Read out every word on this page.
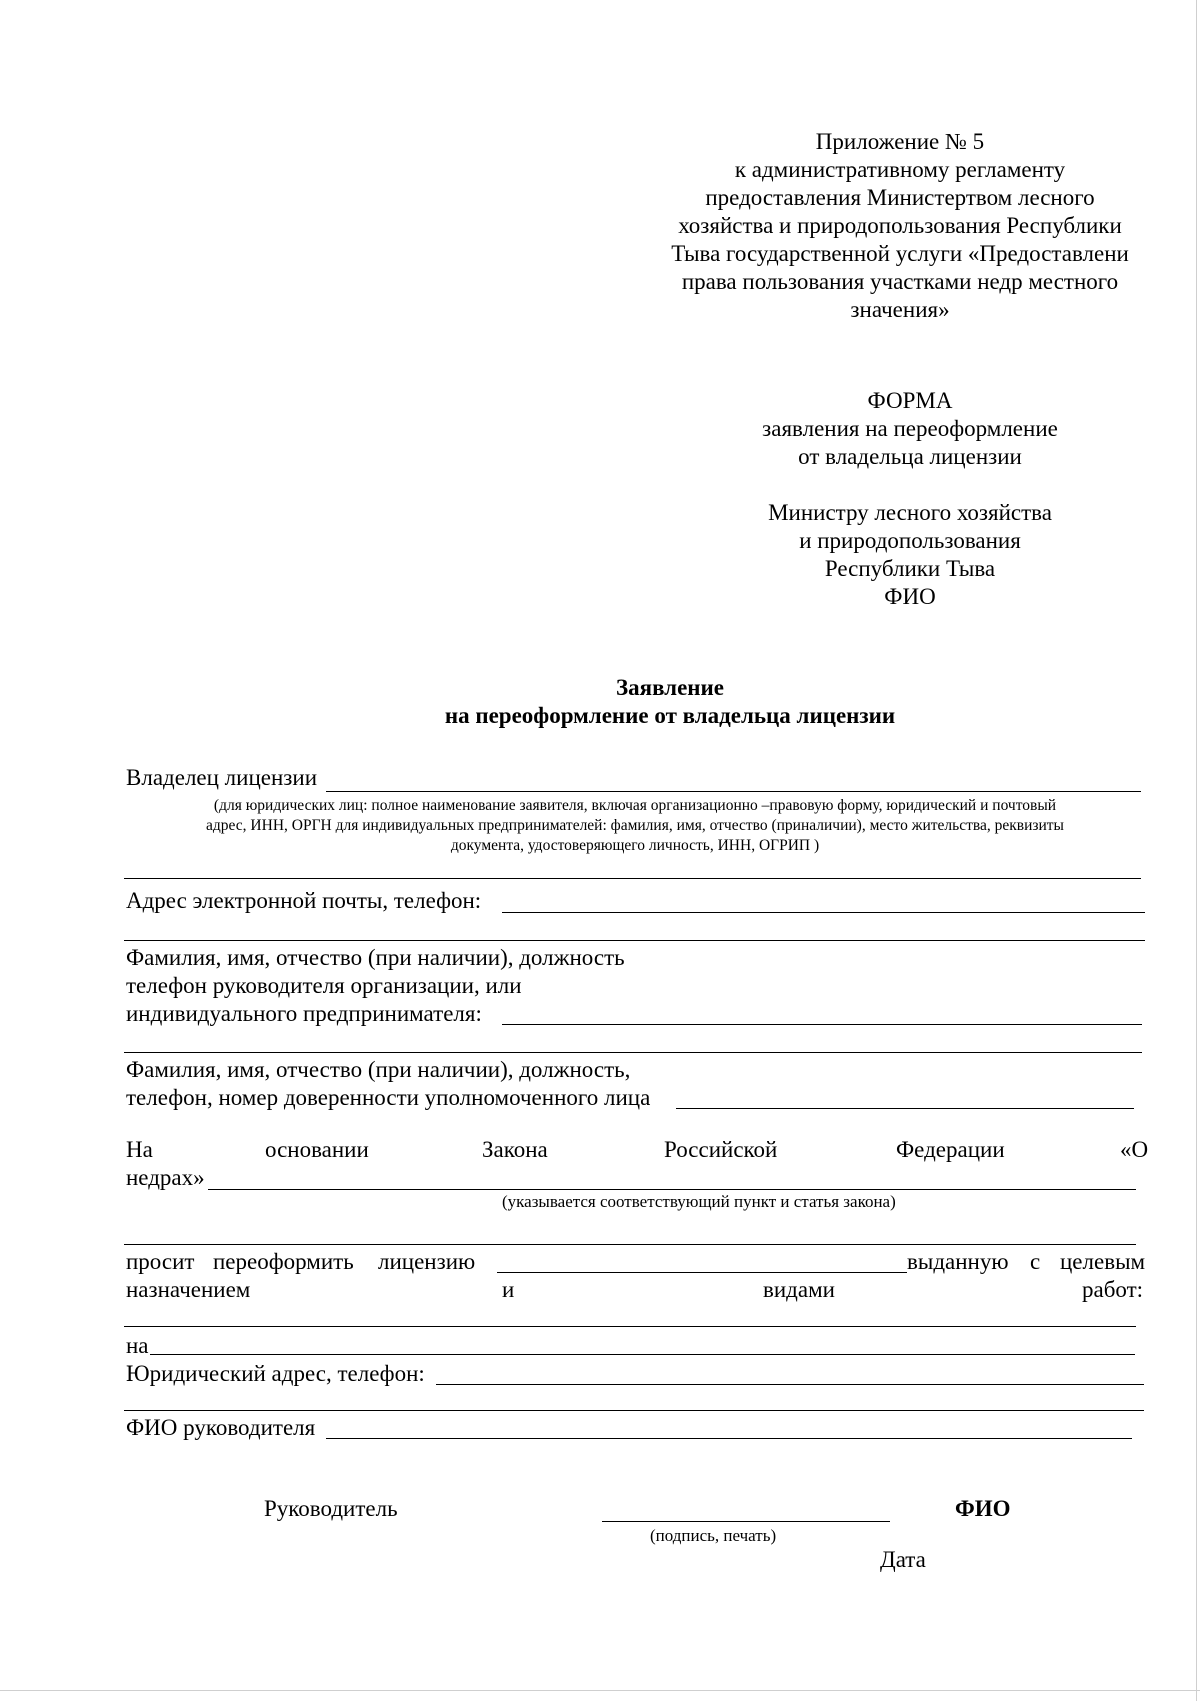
Приложение № 5
к административному регламенту
предоставления Министертвом лесного
хозяйства и природопользования Республики
Тыва государственной услуги «Предоставлени
права пользования участками недр местного
значения»
ФОРМА
заявления на переоформление
от владельца лицензии
Министру лесного хозяйства
и природопользования
Республики Тыва
ФИО
Заявление
на переоформление от владельца лицензии
Владелец лицензии
(для юридических лиц: полное наименование заявителя, включая организационно –правовую форму, юридический и почтовый
адрес, ИНН, ОРГН для индивидуальных предпринимателей: фамилия, имя, отчество (приналичии), место жительства, реквизиты
документа, удостоверяющего личность, ИНН, ОГРИП )
Адрес электронной почты, телефон:
Фамилия, имя, отчество (при наличии), должность
телефон руководителя организации, или
индивидуального предпринимателя:
Фамилия, имя, отчество (при наличии), должность,
телефон, номер доверенности уполномоченного лица
На	основании	Закона	Российской	Федерации	«О
недрах»
(указывается соответствующий пункт и статья закона)
просит переоформить лицензию	выданную с целевым
назначением	и	видами	работ:
на
Юридический адрес, телефон:
ФИО руководителя
Руководитель	ФИО
(подпись, печать)
Дата
